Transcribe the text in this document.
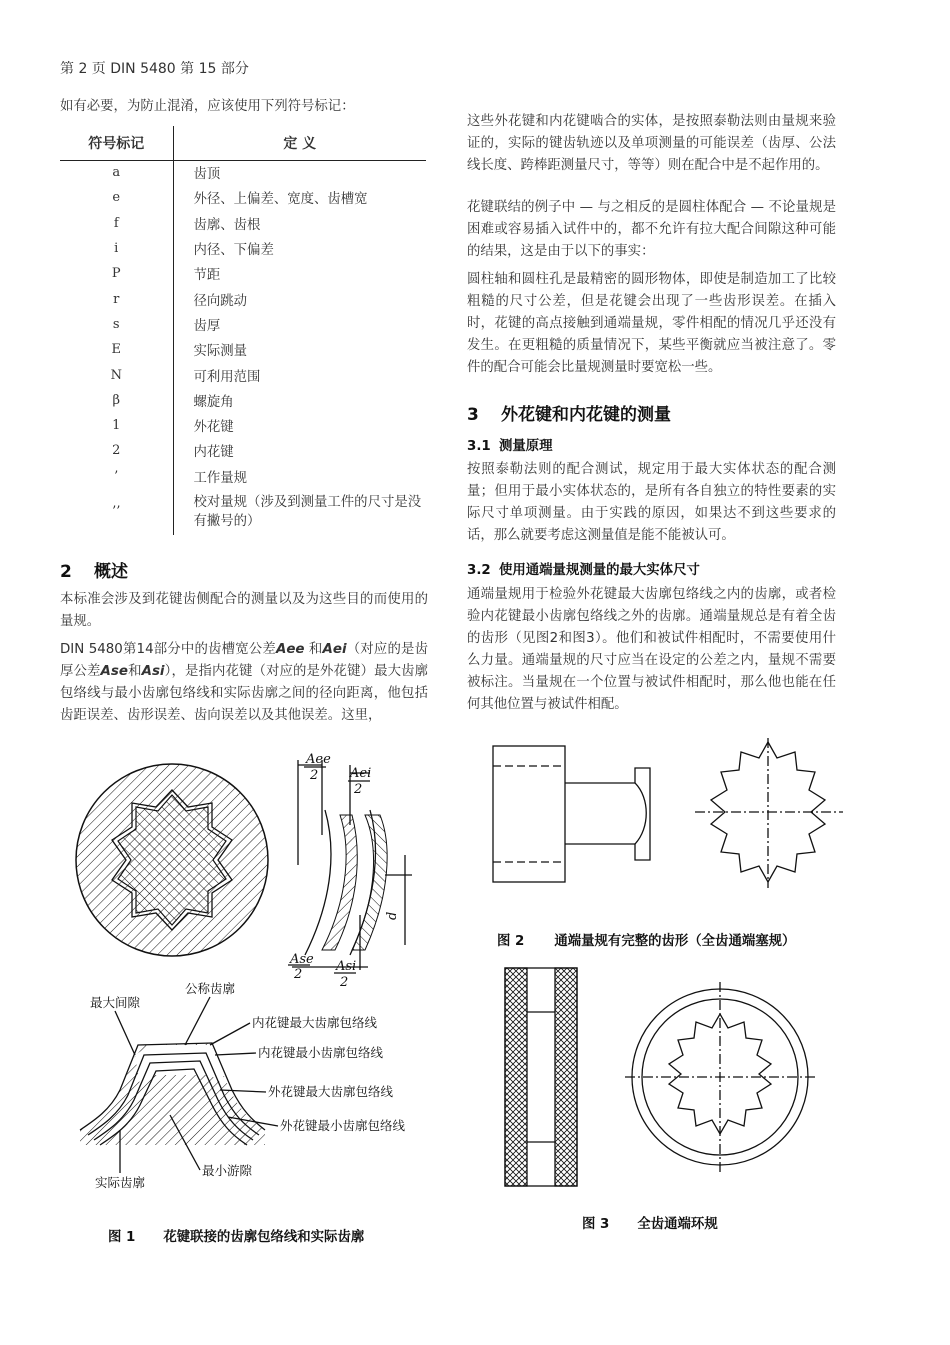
第 2 页 DIN 5480 第 15 部分
如有必要，为防止混淆，应该使用下列符号标记：
符号标记	定 义
a	齿顶
e	外径、上偏差、宽度、齿槽宽
f	齿廓、齿根
i	内径、下偏差
P	节距
r	径向跳动
s	齿厚
E	实际测量
N	可利用范围
β	螺旋角
1	外花键
2	内花键
’	工作量规
’’	校对量规（涉及到测量工件的尺寸是没有撇号的）
2 概述
本标准会涉及到花键齿侧配合的测量以及为这些目的而使用的量规。
DIN 5480第14部分中的齿槽宽公差Aee 和Aei（对应的是齿厚公差Ase和Asi），是指内花键（对应的是外花键）最大齿廓包络线与最小齿廓包络线和实际齿廓之间的径向距离，他包括齿距误差、齿形误差、齿向误差以及其他误差。这里，
这些外花键和内花键啮合的实体，是按照泰勒法则由量规来验证的，实际的键齿轨迹以及单项测量的可能误差（齿厚、公法线长度、跨棒距测量尺寸，等等）则在配合中是不起作用的。
花键联结的例子中 — 与之相反的是圆柱体配合 — 不论量规是困难或容易插入试件中的，都不允许有拉大配合间隙这种可能的结果，这是由于以下的事实：
圆柱轴和圆柱孔是最精密的圆形物体，即使是制造加工了比较粗糙的尺寸公差，但是花键会出现了一些齿形误差。在插入时，花键的高点接触到通端量规，零件相配的情况几乎还没有发生。在更粗糙的质量情况下，某些平衡就应当被注意了。零件的配合可能会比量规测量时要宽松一些。
3 外花键和内花键的测量
3.1 测量原理
按照泰勒法则的配合测试，规定用于最大实体状态的配合测量；但用于最小实体状态的，是所有各自独立的特性要素的实际尺寸单项测量。由于实践的原因，如果达不到这些要求的话，那么就要考虑这测量值是能不能被认可。
3.2 使用通端量规测量的最大实体尺寸
通端量规用于检验外花键最大齿廓包络线之内的齿廓，或者检验内花键最小齿廓包络线之外的齿廓。通端量规总是有着全齿的齿形（见图2和图3）。他们和被试件相配时，不需要使用什么力量。通端量规的尺寸应当在设定的公差之内，量规不需要被标注。当量规在一个位置与被试件相配时，那么他也能在任何其他位置与被试件相配。
Aee
2 Aei
2
Ase
2
Asi
2
d
公称齿廓
最大间隙
内花键最大齿廓包络线
内花键最小齿廓包络线
外花键最大齿廓包络线
外花键最小齿廓包络线
实际齿廓
最小游隙
图 1 花键联接的齿廓包络线和实际齿廓
图 2 通端量规有完整的齿形（全齿通端塞规）
图 3 全齿通端环规
